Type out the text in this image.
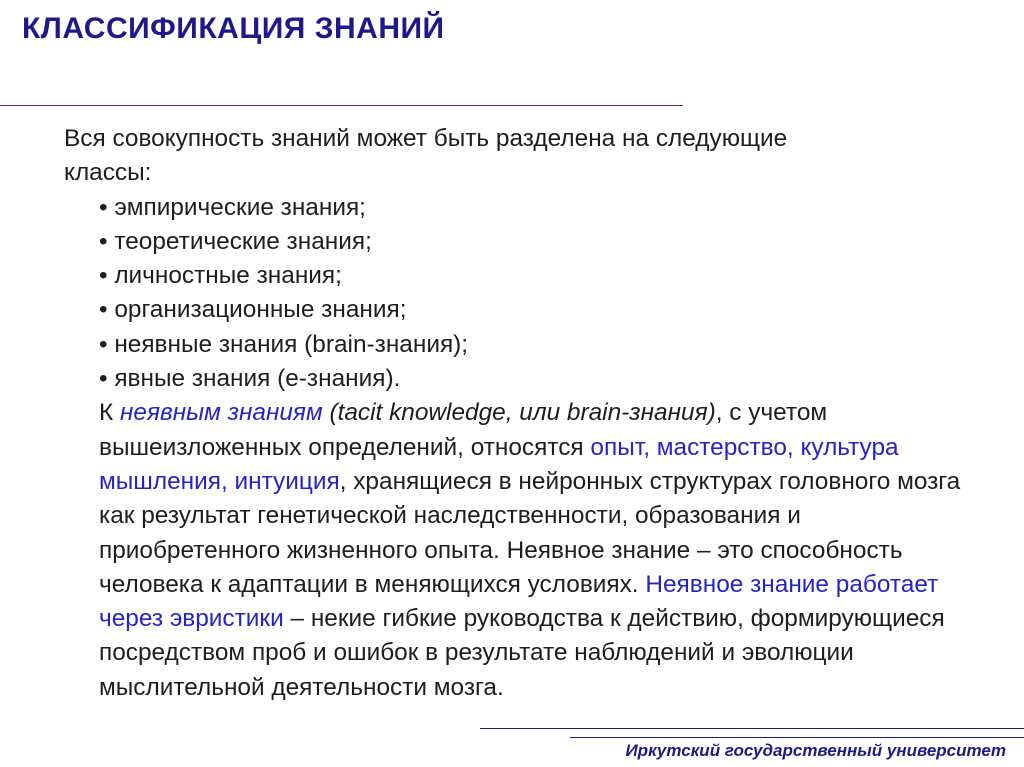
КЛАССИФИКАЦИЯ ЗНАНИЙ

Вся совокупность знаний может быть разделена на следующие
классы:

• эмпирические знания;
• теоретические знания;
• личностные знания;
• организационные знания;
• неявные знания (brain-знания);
• явные знания (е-знания).

К неявным знаниям (tacit knowledge, или brain-знания), с учетом вышеизложенных определений, относятся опыт, мастерство, культура мышления, интуиция, хранящиеся в нейронных структурах головного мозга как результат генетической наследственности, образования и приобретенного жизненного опыта. Неявное знание – это способность человека к адаптации в меняющихся условиях. Неявное знание работает через эвристики – некие гибкие руководства к действию, формирующиеся посредством проб и ошибок в результате наблюдений и эволюции мыслительной деятельности мозга.

Иркутский государственный университет
